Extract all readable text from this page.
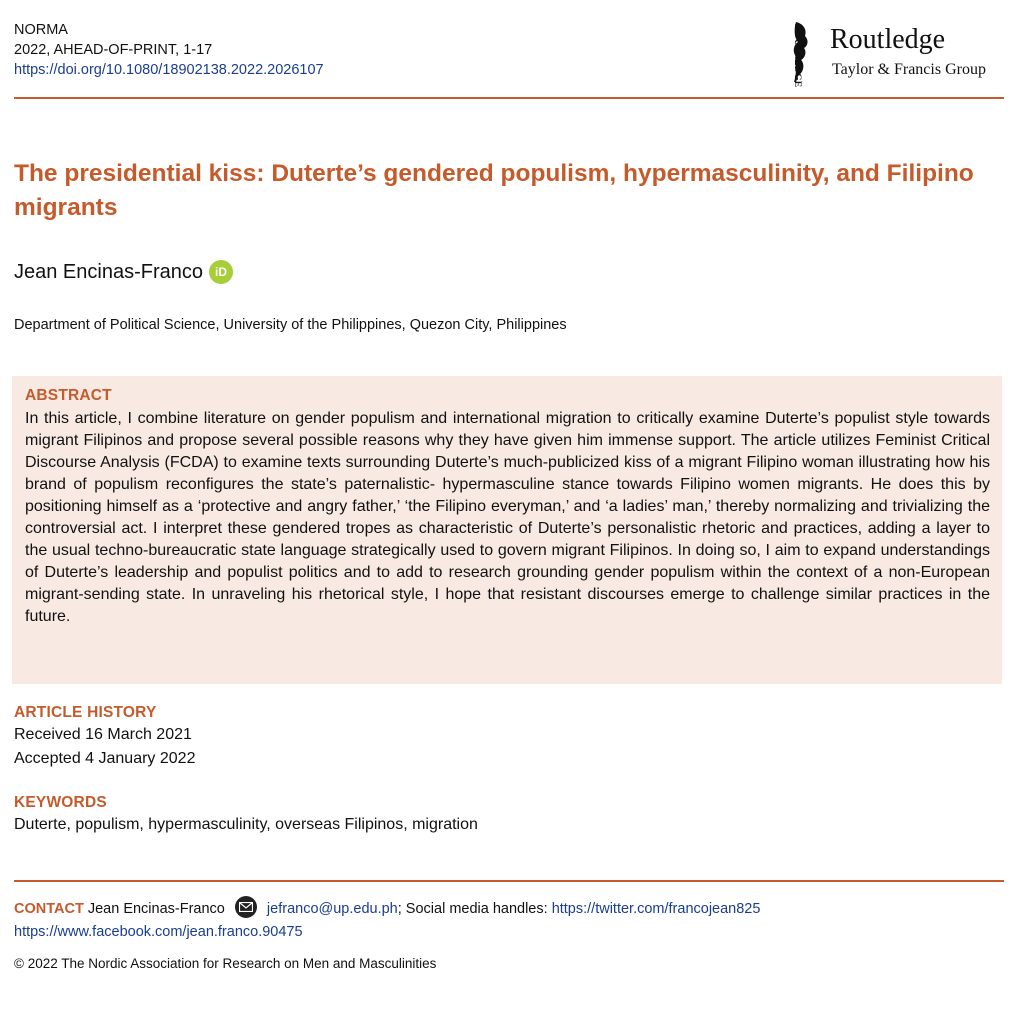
NORMA
2022, AHEAD-OF-PRINT, 1-17
https://doi.org/10.1080/18902138.2022.2026107	ROUTLEDGE Routledge
Taylor & Francis Group
The presidential kiss: Duterte’s gendered populism, hypermasculinity, and Filipino migrants
Jean Encinas-Franco	iD
Department of Political Science, University of the Philippines, Quezon City, Philippines
ABSTRACT
In this article, I combine literature on gender populism and international migration to critically examine Duterte’s populist style towards migrant Filipinos and propose several possible reasons why they have given him immense support. The article utilizes Feminist Critical Discourse Analysis (FCDA) to examine texts surrounding Duterte’s much-publicized kiss of a migrant Filipino woman illustrating how his brand of populism reconfigures the state’s paternalistic- hypermasculine stance towards Filipino women migrants. He does this by positioning himself as a ‘protective and angry father,’ ‘the Filipino everyman,’ and ‘a ladies’ man,’ thereby normalizing and trivializing the controversial act. I interpret these gendered tropes as characteristic of Duterte’s personalistic rhetoric and practices, adding a layer to the usual techno-bureaucratic state language strategically used to govern migrant Filipinos. In doing so, I aim to expand understandings of Duterte’s leadership and populist politics and to add to research grounding gender populism within the context of a non-European migrant-sending state. In unraveling his rhetorical style, I hope that resistant discourses emerge to challenge similar practices in the future.
ARTICLE HISTORY
Received 16 March 2021
Accepted 4 January 2022
KEYWORDS
Duterte, populism, hypermasculinity, overseas Filipinos, migration
CONTACT Jean Encinas-Franco	jefranco@up.edu.ph; Social media handles: https://twitter.com/francojean825
https://www.facebook.com/jean.franco.90475
© 2022 The Nordic Association for Research on Men and Masculinities
